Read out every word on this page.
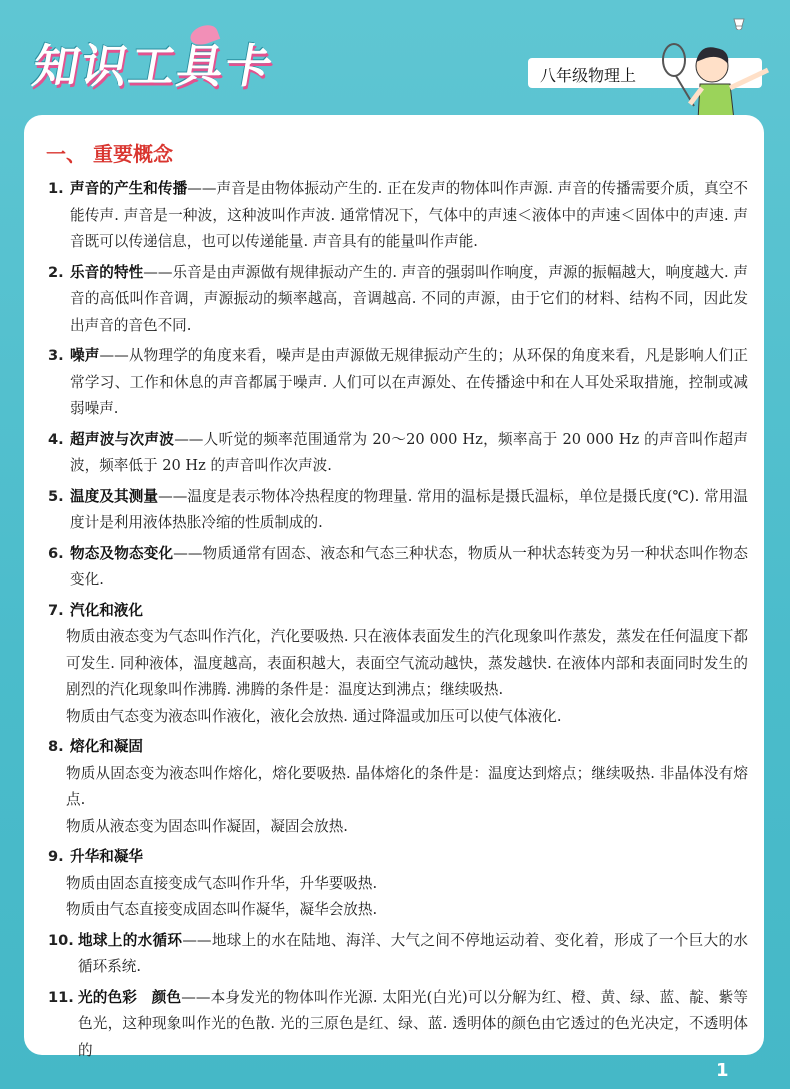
知识工具卡	八年级物理上
一、 重要概念
1. 声音的产生和传播——声音是由物体振动产生的. 正在发声的物体叫作声源. 声音的传播需要介质，真空不能传声. 声音是一种波，这种波叫作声波. 通常情况下，气体中的声速＜液体中的声速＜固体中的声速. 声音既可以传递信息，也可以传递能量. 声音具有的能量叫作声能.
2. 乐音的特性——乐音是由声源做有规律振动产生的. 声音的强弱叫作响度，声源的振幅越大，响度越大. 声音的高低叫作音调，声源振动的频率越高，音调越高. 不同的声源，由于它们的材料、结构不同，因此发出声音的音色不同.
3. 噪声——从物理学的角度来看，噪声是由声源做无规律振动产生的；从环保的角度来看，凡是影响人们正常学习、工作和休息的声音都属于噪声. 人们可以在声源处、在传播途中和在人耳处采取措施，控制或减弱噪声.
4. 超声波与次声波——人听觉的频率范围通常为 20～20 000 Hz，频率高于 20 000 Hz 的声音叫作超声波，频率低于 20 Hz 的声音叫作次声波.
5. 温度及其测量——温度是表示物体冷热程度的物理量. 常用的温标是摄氏温标，单位是摄氏度(℃). 常用温度计是利用液体热胀冷缩的性质制成的.
6. 物态及物态变化——物质通常有固态、液态和气态三种状态，物质从一种状态转变为另一种状态叫作物态变化.
7. 汽化和液化
物质由液态变为气态叫作汽化，汽化要吸热. 只在液体表面发生的汽化现象叫作蒸发，蒸发在任何温度下都可发生. 同种液体，温度越高，表面积越大，表面空气流动越快，蒸发越快. 在液体内部和表面同时发生的剧烈的汽化现象叫作沸腾. 沸腾的条件是：温度达到沸点；继续吸热.
物质由气态变为液态叫作液化，液化会放热. 通过降温或加压可以使气体液化.
8. 熔化和凝固
物质从固态变为液态叫作熔化，熔化要吸热. 晶体熔化的条件是：温度达到熔点；继续吸热. 非晶体没有熔点.
物质从液态变为固态叫作凝固，凝固会放热.
9. 升华和凝华
物质由固态直接变成气态叫作升华，升华要吸热.
物质由气态直接变成固态叫作凝华，凝华会放热.
10. 地球上的水循环——地球上的水在陆地、海洋、大气之间不停地运动着、变化着，形成了一个巨大的水循环系统.
11. 光的色彩　颜色——本身发光的物体叫作光源. 太阳光(白光)可以分解为红、橙、黄、绿、蓝、靛、紫等色光，这种现象叫作光的色散. 光的三原色是红、绿、蓝. 透明体的颜色由它透过的色光决定，不透明体的
1
